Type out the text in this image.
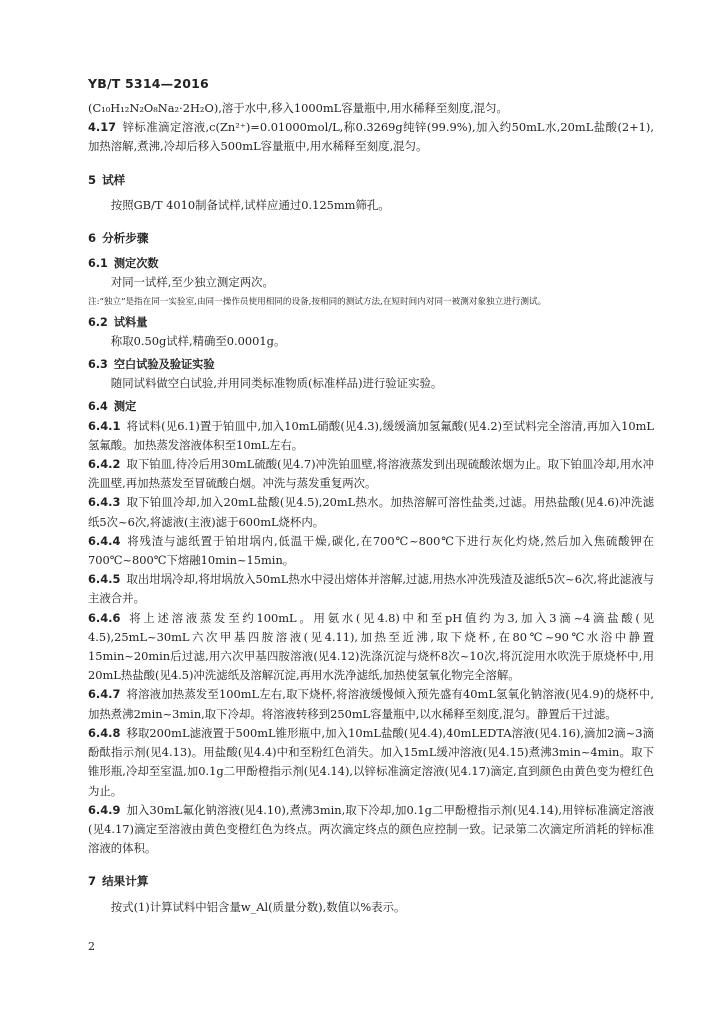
YB/T 5314—2016

(C₁₀H₁₂N₂O₈Na₂·2H₂O),溶于水中,移入1000mL容量瓶中,用水稀释至刻度,混匀。

4.17 锌标准滴定溶液,c(Zn²⁺)=0.01000mol/L,称0.3269g纯锌(99.9%),加入约50mL水,20mL盐酸(2+1),加热溶解,煮沸,冷却后移入500mL容量瓶中,用水稀释至刻度,混匀。

5 试样

按照GB/T 4010制备试样,试样应通过0.125mm筛孔。

6 分析步骤
6.1 测定次数

对同一试样,至少独立测定两次。

注:“独立”是指在同一实验室,由同一操作员使用相同的设备,按相同的测试方法,在短时间内对同一被测对象独立进行测试。

6.2 试料量

称取0.50g试样,精确至0.0001g。

6.3 空白试验及验证实验

随同试料做空白试验,并用同类标准物质(标准样品)进行验证实验。

6.4 测定

6.4.1 将试料(见6.1)置于铂皿中,加入10mL硝酸(见4.3),缓缓滴加氢氟酸(见4.2)至试料完全溶清,再加入10mL氢氟酸。加热蒸发溶液体积至10mL左右。

6.4.2 取下铂皿,待冷后用30mL硫酸(见4.7)冲洗铂皿壁,将溶液蒸发到出现硫酸浓烟为止。取下铂皿冷却,用水冲洗皿壁,再加热蒸发至冒硫酸白烟。冲洗与蒸发重复两次。

6.4.3 取下铂皿冷却,加入20mL盐酸(见4.5),20mL热水。加热溶解可溶性盐类,过滤。用热盐酸(见4.6)冲洗滤纸5次~6次,将滤液(主液)滤于600mL烧杯内。

6.4.4 将残渣与滤纸置于铂坩埚内,低温干燥,碳化,在700℃~800℃下进行灰化灼烧,然后加入焦硫酸钾在700℃~800℃下熔融10min~15min。

6.4.5 取出坩埚冷却,将坩埚放入50mL热水中浸出熔体并溶解,过滤,用热水冲洗残渣及滤纸5次~6次,将此滤液与主液合并。

6.4.6 将上述溶液蒸发至约100mL。用氨水(见4.8)中和至pH值约为3,加入3滴~4滴盐酸(见4.5),25mL~30mL六次甲基四胺溶液(见4.11),加热至近沸,取下烧杯,在80℃~90℃水浴中静置15min~20min后过滤,用六次甲基四胺溶液(见4.12)洗涤沉淀与烧杯8次~10次,将沉淀用水吹洗于原烧杯中,用20mL热盐酸(见4.5)冲洗滤纸及溶解沉淀,再用水洗净滤纸,加热使氢氧化物完全溶解。

6.4.7 将溶液加热蒸发至100mL左右,取下烧杯,将溶液缓慢倾入预先盛有40mL氢氧化钠溶液(见4.9)的烧杯中,加热煮沸2min~3min,取下冷却。将溶液转移到250mL容量瓶中,以水稀释至刻度,混匀。静置后干过滤。

6.4.8 移取200mL滤液置于500mL锥形瓶中,加入10mL盐酸(见4.4),40mLEDTA溶液(见4.16),滴加2滴~3滴酚酞指示剂(见4.13)。用盐酸(见4.4)中和至粉红色消失。加入15mL缓冲溶液(见4.15)煮沸3min~4min。取下锥形瓶,冷却至室温,加0.1g二甲酚橙指示剂(见4.14),以锌标准滴定溶液(见4.17)滴定,直到颜色由黄色变为橙红色为止。

6.4.9 加入30mL氟化钠溶液(见4.10),煮沸3min,取下冷却,加0.1g二甲酚橙指示剂(见4.14),用锌标准滴定溶液(见4.17)滴定至溶液由黄色变橙红色为终点。两次滴定终点的颜色应控制一致。记录第二次滴定所消耗的锌标准溶液的体积。

7 结果计算

按式(1)计算试料中铝含量w_Al(质量分数),数值以%表示。

2
